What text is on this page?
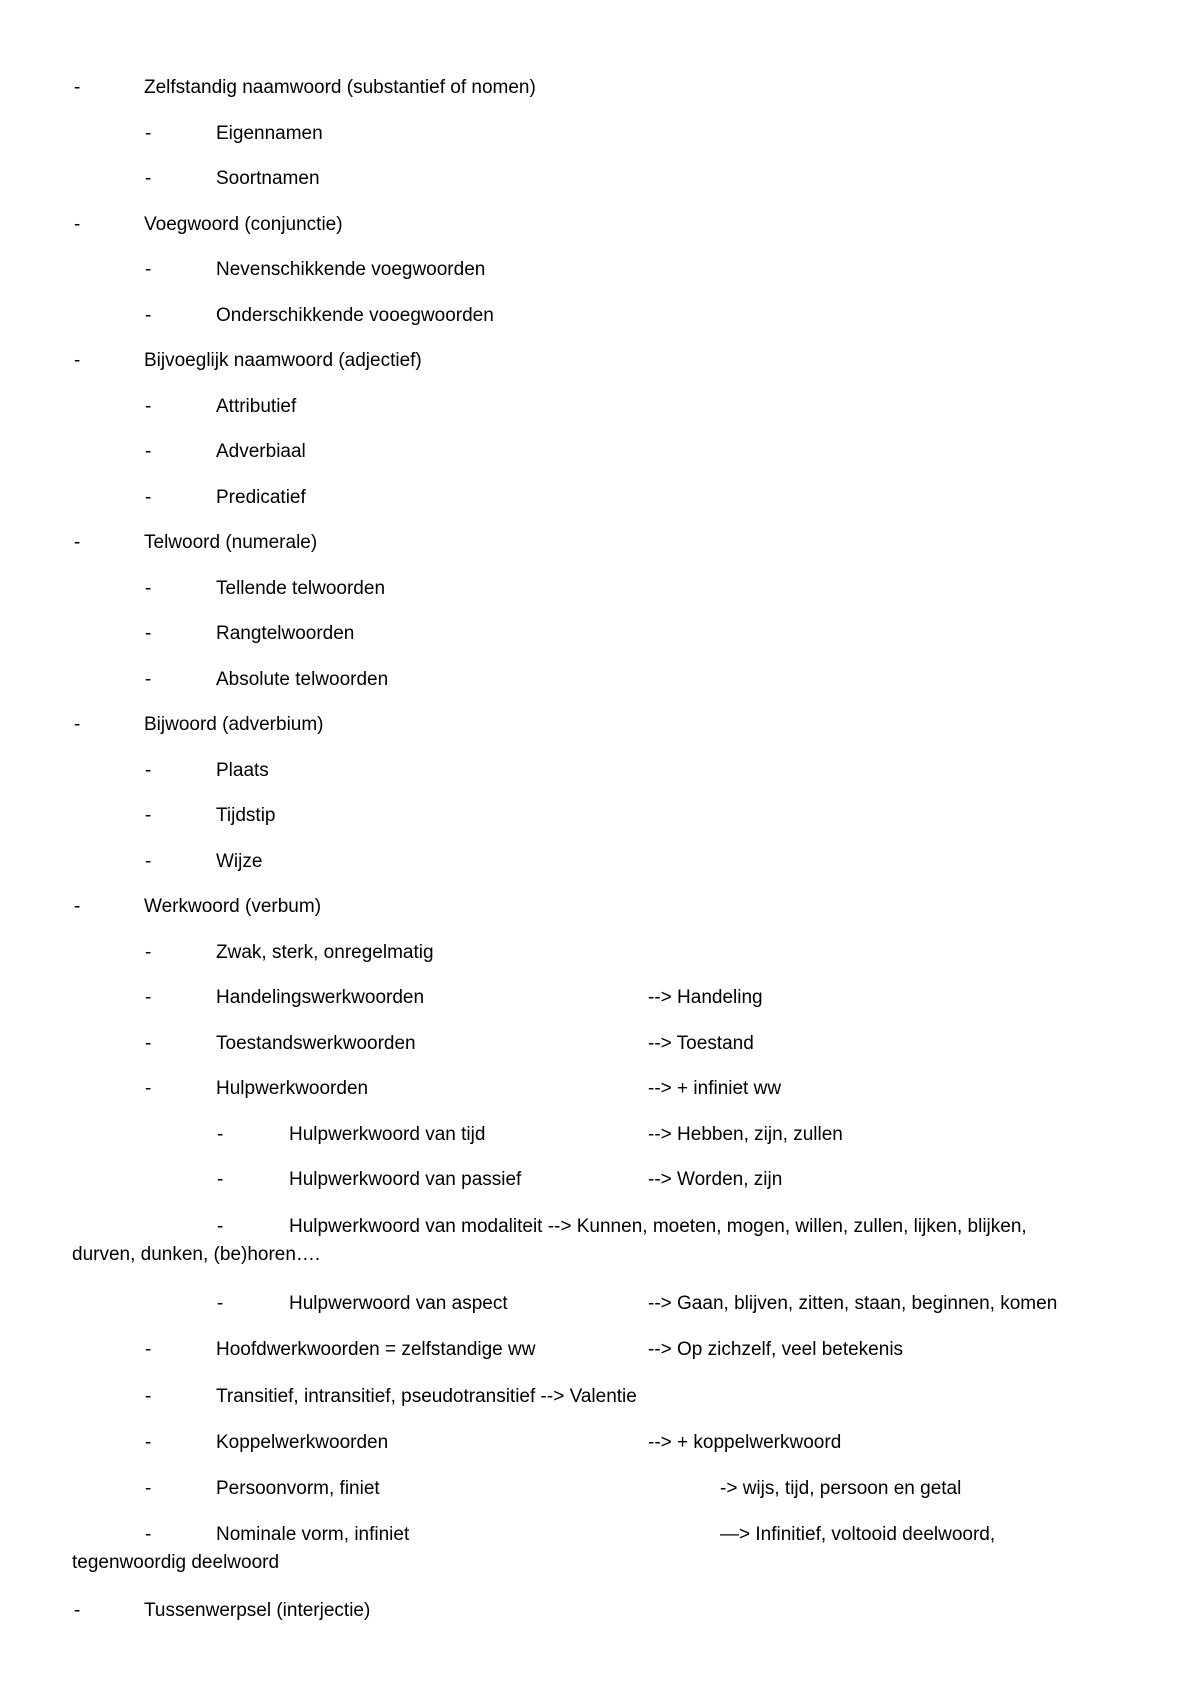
-	Zelfstandig naamwoord (substantief of nomen)
-	Eigennamen
-	Soortnamen
-	Voegwoord (conjunctie)
-	Nevenschikkende voegwoorden
-	Onderschikkende vooegwoorden
-	Bijvoeglijk naamwoord (adjectief)
-	Attributief
-	Adverbiaal
-	Predicatief
-	Telwoord (numerale)
-	Tellende telwoorden
-	Rangtelwoorden
-	Absolute telwoorden
-	Bijwoord (adverbium)
-	Plaats
-	Tijdstip
-	Wijze
-	Werkwoord (verbum)
-	Zwak, sterk, onregelmatig
-	Handelingswerkwoorden	--> Handeling
-	Toestandswerkwoorden	--> Toestand
-	Hulpwerkwoorden	--> + infiniet ww
-	Hulpwerkwoord van tijd	--> Hebben, zijn, zullen
-	Hulpwerkwoord van passief	--> Worden, zijn
-	Hulpwerkwoord van modaliteit --> Kunnen, moeten, mogen, willen, zullen, lijken, blijken,
durven, dunken, (be)horen….
-	Hulpwerwoord van aspect	--> Gaan, blijven, zitten, staan, beginnen, komen
-	Hoofdwerkwoorden = zelfstandige ww	--> Op zichzelf, veel betekenis
-	Transitief, intransitief, pseudotransitief --> Valentie
-	Koppelwerkwoorden	--> + koppelwerkwoord
-	Persoonvorm, finiet	-> wijs, tijd, persoon en getal
-	Nominale vorm, infiniet	—> Infinitief, voltooid deelwoord,
tegenwoordig deelwoord
-	Tussenwerpsel (interjectie)
